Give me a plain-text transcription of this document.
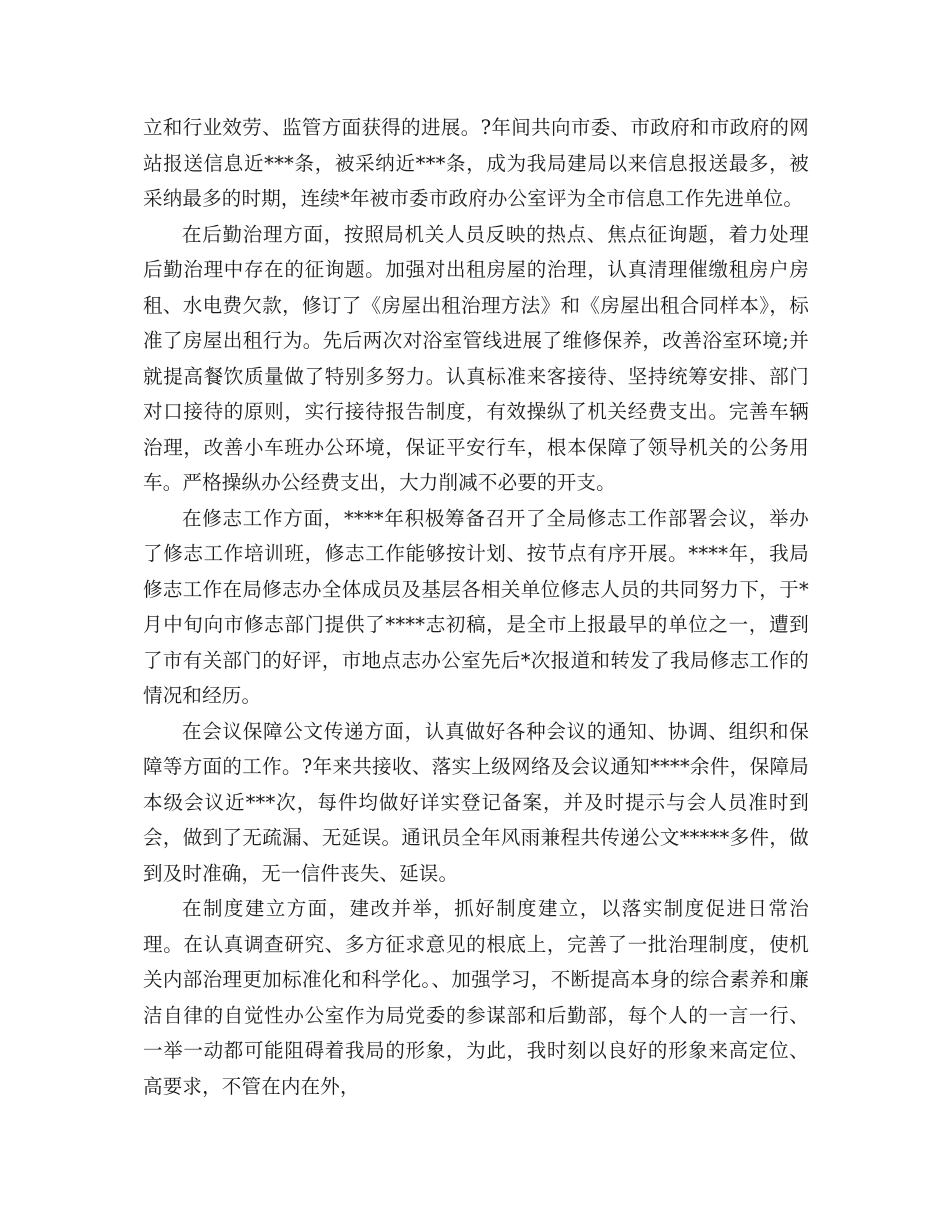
立和行业效劳、监管方面获得的进展。?年间共向市委、市政府和市政府的网站报送信息近***条，被采纳近***条，成为我局建局以来信息报送最多，被采纳最多的时期，连续*年被市委市政府办公室评为全市信息工作先进单位。

在后勤治理方面，按照局机关人员反映的热点、焦点征询题，着力处理后勤治理中存在的征询题。加强对出租房屋的治理，认真清理催缴租房户房租、水电费欠款，修订了《房屋出租治理方法》和《房屋出租合同样本》，标准了房屋出租行为。先后两次对浴室管线进展了维修保养，改善浴室环境;并就提高餐饮质量做了特别多努力。认真标准来客接待、坚持统筹安排、部门对口接待的原则，实行接待报告制度，有效操纵了机关经费支出。完善车辆治理，改善小车班办公环境，保证平安行车，根本保障了领导机关的公务用车。严格操纵办公经费支出，大力削减不必要的开支。

在修志工作方面，****年积极筹备召开了全局修志工作部署会议，举办了修志工作培训班，修志工作能够按计划、按节点有序开展。****年，我局修志工作在局修志办全体成员及基层各相关单位修志人员的共同努力下，于*月中旬向市修志部门提供了****志初稿，是全市上报最早的单位之一，遭到了市有关部门的好评，市地点志办公室先后*次报道和转发了我局修志工作的情况和经历。

在会议保障公文传递方面，认真做好各种会议的通知、协调、组织和保障等方面的工作。?年来共接收、落实上级网络及会议通知****余件，保障局本级会议近***次，每件均做好详实登记备案，并及时提示与会人员准时到会，做到了无疏漏、无延误。通讯员全年风雨兼程共传递公文*****多件，做到及时准确，无一信件丧失、延误。

在制度建立方面，建改并举，抓好制度建立，以落实制度促进日常治理。在认真调查研究、多方征求意见的根底上，完善了一批治理制度，使机关内部治理更加标准化和科学化。、加强学习，不断提高本身的综合素养和廉洁自律的自觉性办公室作为局党委的参谋部和后勤部，每个人的一言一行、一举一动都可能阻碍着我局的形象，为此，我时刻以良好的形象来高定位、高要求，不管在内在外，
